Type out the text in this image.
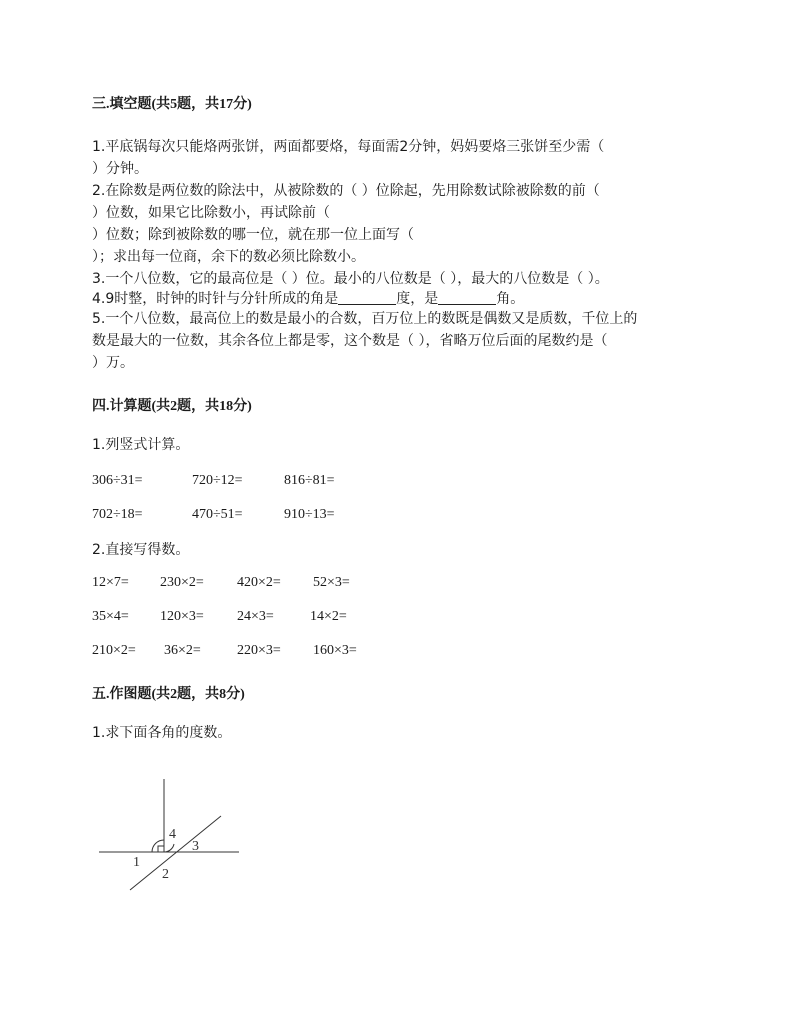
三.填空题(共5题，共17分)
1.平底锅每次只能烙两张饼，两面都要烙，每面需2分钟，妈妈要烙三张饼至少需（
）分钟。
2.在除数是两位数的除法中，从被除数的（ ）位除起，先用除数试除被除数的前（
）位数，如果它比除数小，再试除前（
）位数；除到被除数的哪一位，就在那一位上面写（
）；求出每一位商，余下的数必须比除数小。
3.一个八位数，它的最高位是（ ）位。最小的八位数是（ ），最大的八位数是（ ）。
4.9时整，时钟的时针与分针所成的角是	度，是	角。
5.一个八位数，最高位上的数是最小的合数，百万位上的数既是偶数又是质数，千位上的
数是最大的一位数，其余各位上都是零，这个数是（ ），省略万位后面的尾数约是（
）万。
四.计算题(共2题，共18分)
1.列竖式计算。
306÷31=	720÷12=	816÷81=
702÷18=	470÷51=	910÷13=
2.直接写得数。
12×7= 230×2= 420×2= 52×3=
35×4= 120×3= 24×3=	14×2=
210×2= 36×2=	220×3= 160×3=
五.作图题(共2题，共8分)
1.求下面各角的度数。
1
2
3
4
